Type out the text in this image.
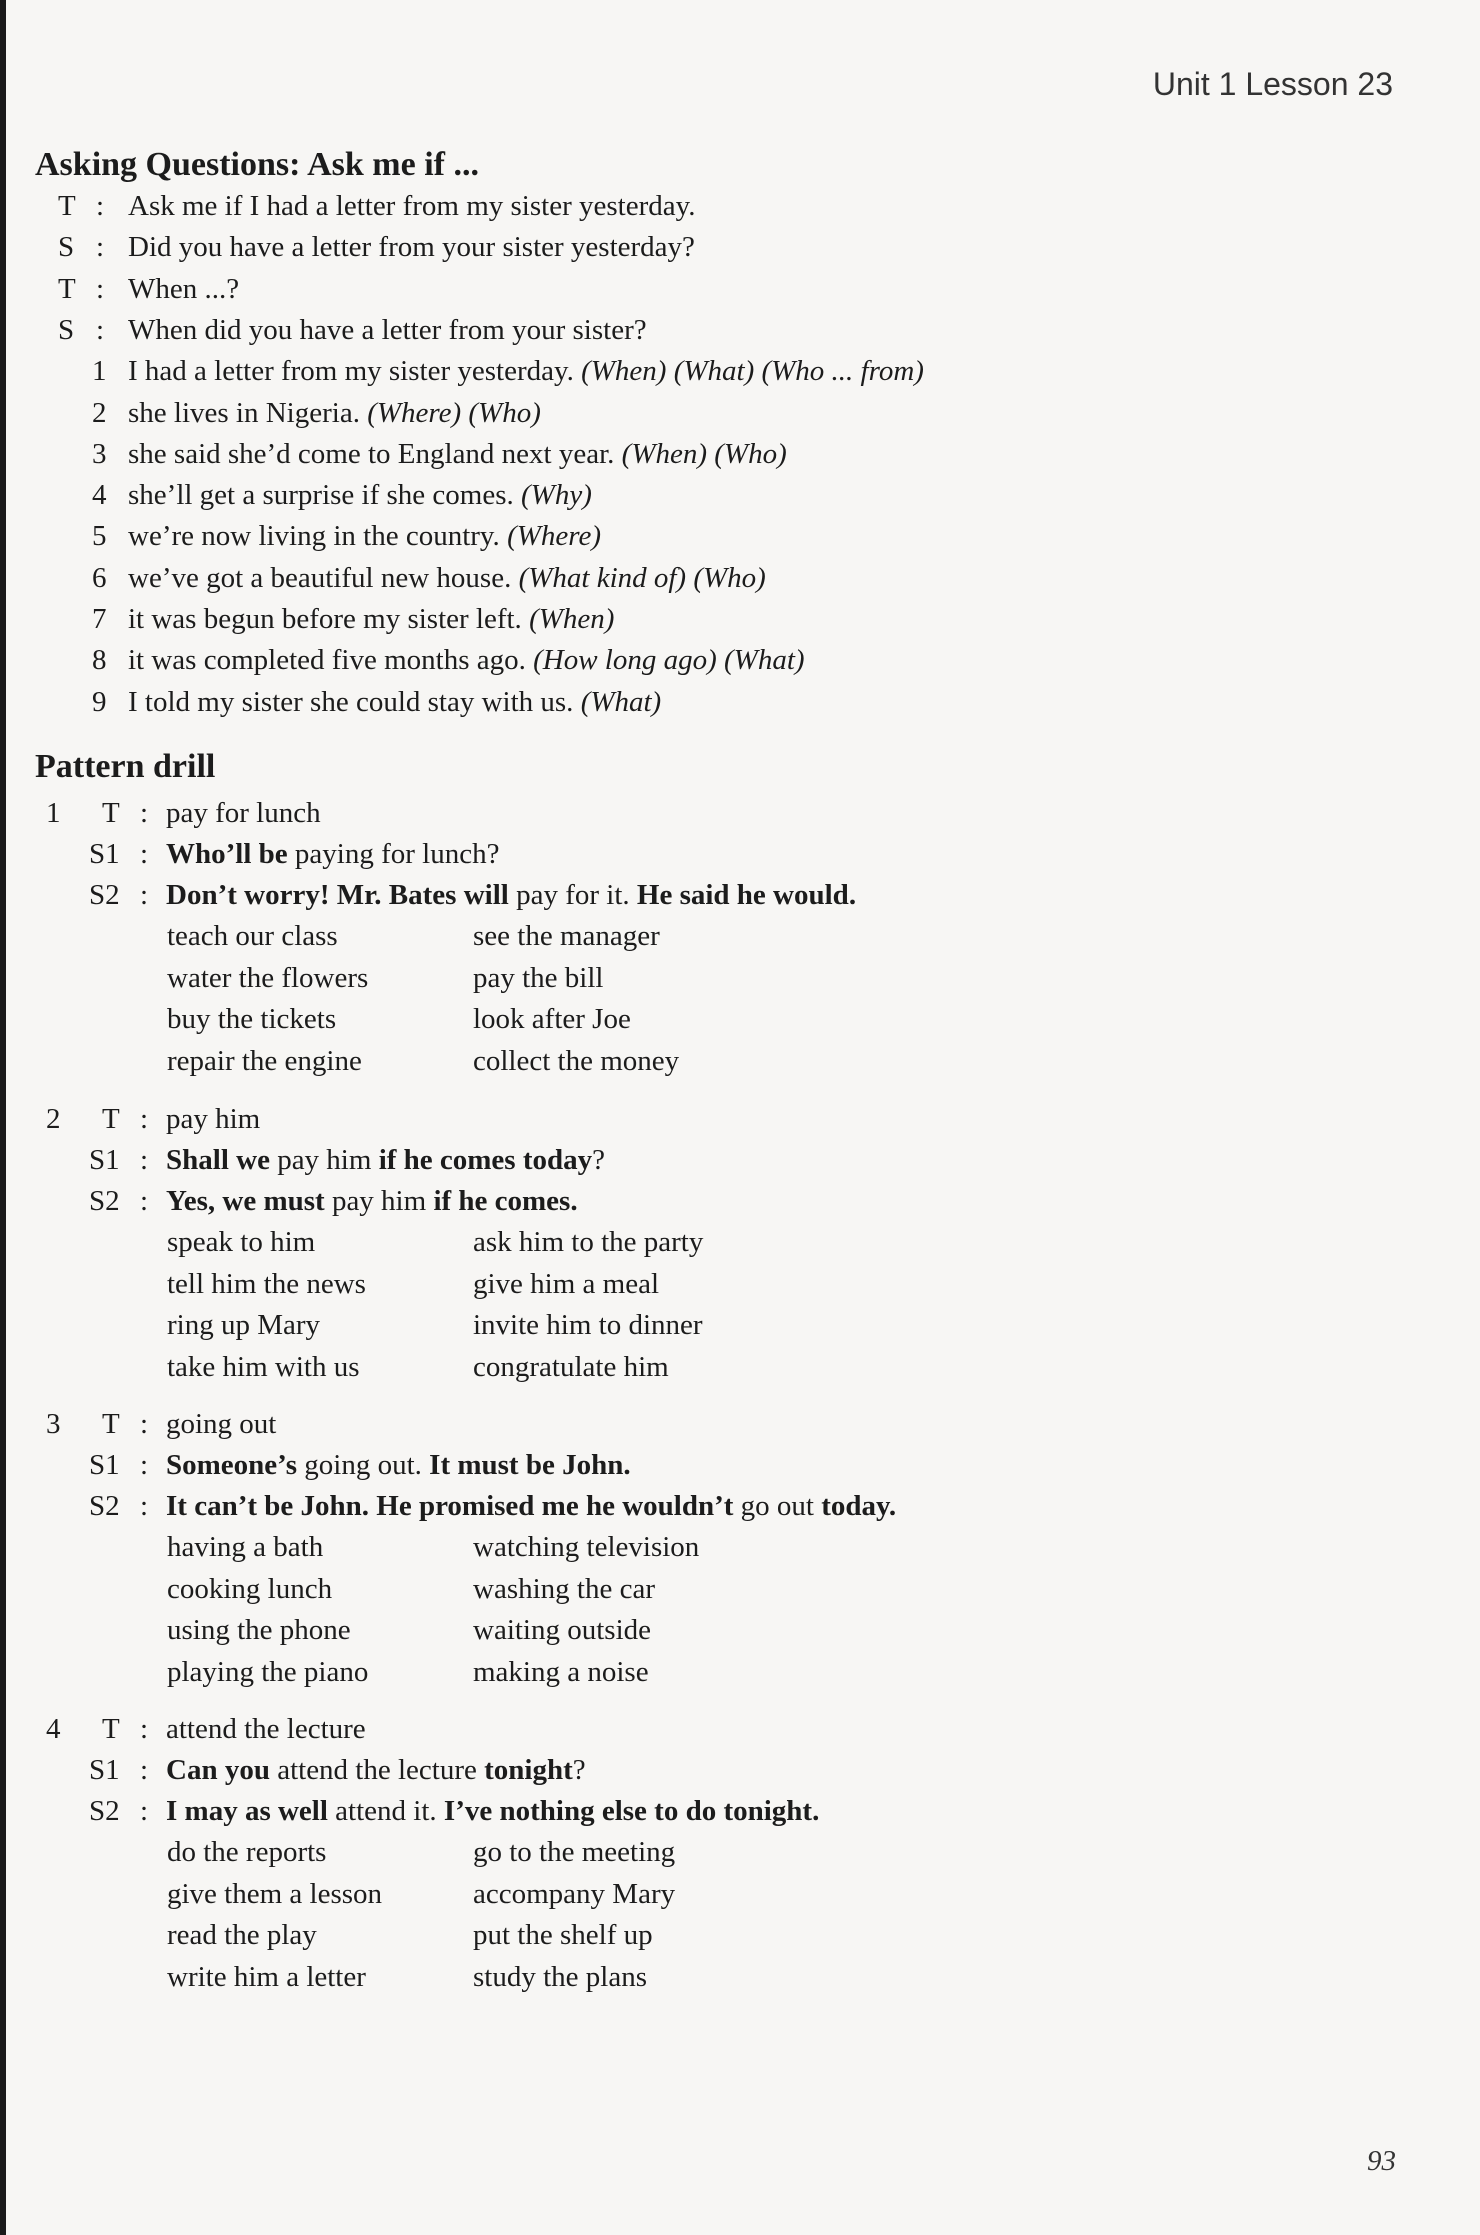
Unit 1 Lesson 23
Asking Questions: Ask me if ...
T : Ask me if I had a letter from my sister yesterday.
S : Did you have a letter from your sister yesterday?
T : When ...?
S : When did you have a letter from your sister?
1 I had a letter from my sister yesterday. (When) (What) (Who ... from)
2 she lives in Nigeria. (Where) (Who)
3 she said she’d come to England next year. (When) (Who)
4 she’ll get a surprise if she comes. (Why)
5 we’re now living in the country. (Where)
6 we’ve got a beautiful new house. (What kind of) (Who)
7 it was begun before my sister left. (When)
8 it was completed five months ago. (How long ago) (What)
9 I told my sister she could stay with us. (What)
Pattern drill
1 T : pay for lunch
S1 : Who’ll be paying for lunch?
S2 : Don’t worry! Mr. Bates will pay for it. He said he would.
teach our class	see the manager
water the flowers	pay the bill
buy the tickets	look after Joe
repair the engine	collect the money
2 T : pay him
S1 : Shall we pay him if he comes today?
S2 : Yes, we must pay him if he comes.
speak to him	ask him to the party
tell him the news	give him a meal
ring up Mary	invite him to dinner
take him with us	congratulate him
3 T : going out
S1 : Someone’s going out. It must be John.
S2 : It can’t be John. He promised me he wouldn’t go out today.
having a bath	watching television
cooking lunch	washing the car
using the phone	waiting outside
playing the piano	making a noise
4 T : attend the lecture
S1 : Can you attend the lecture tonight?
S2 : I may as well attend it. I’ve nothing else to do tonight.
do the reports	go to the meeting
give them a lesson	accompany Mary
read the play	put the shelf up
write him a letter	study the plans
93
